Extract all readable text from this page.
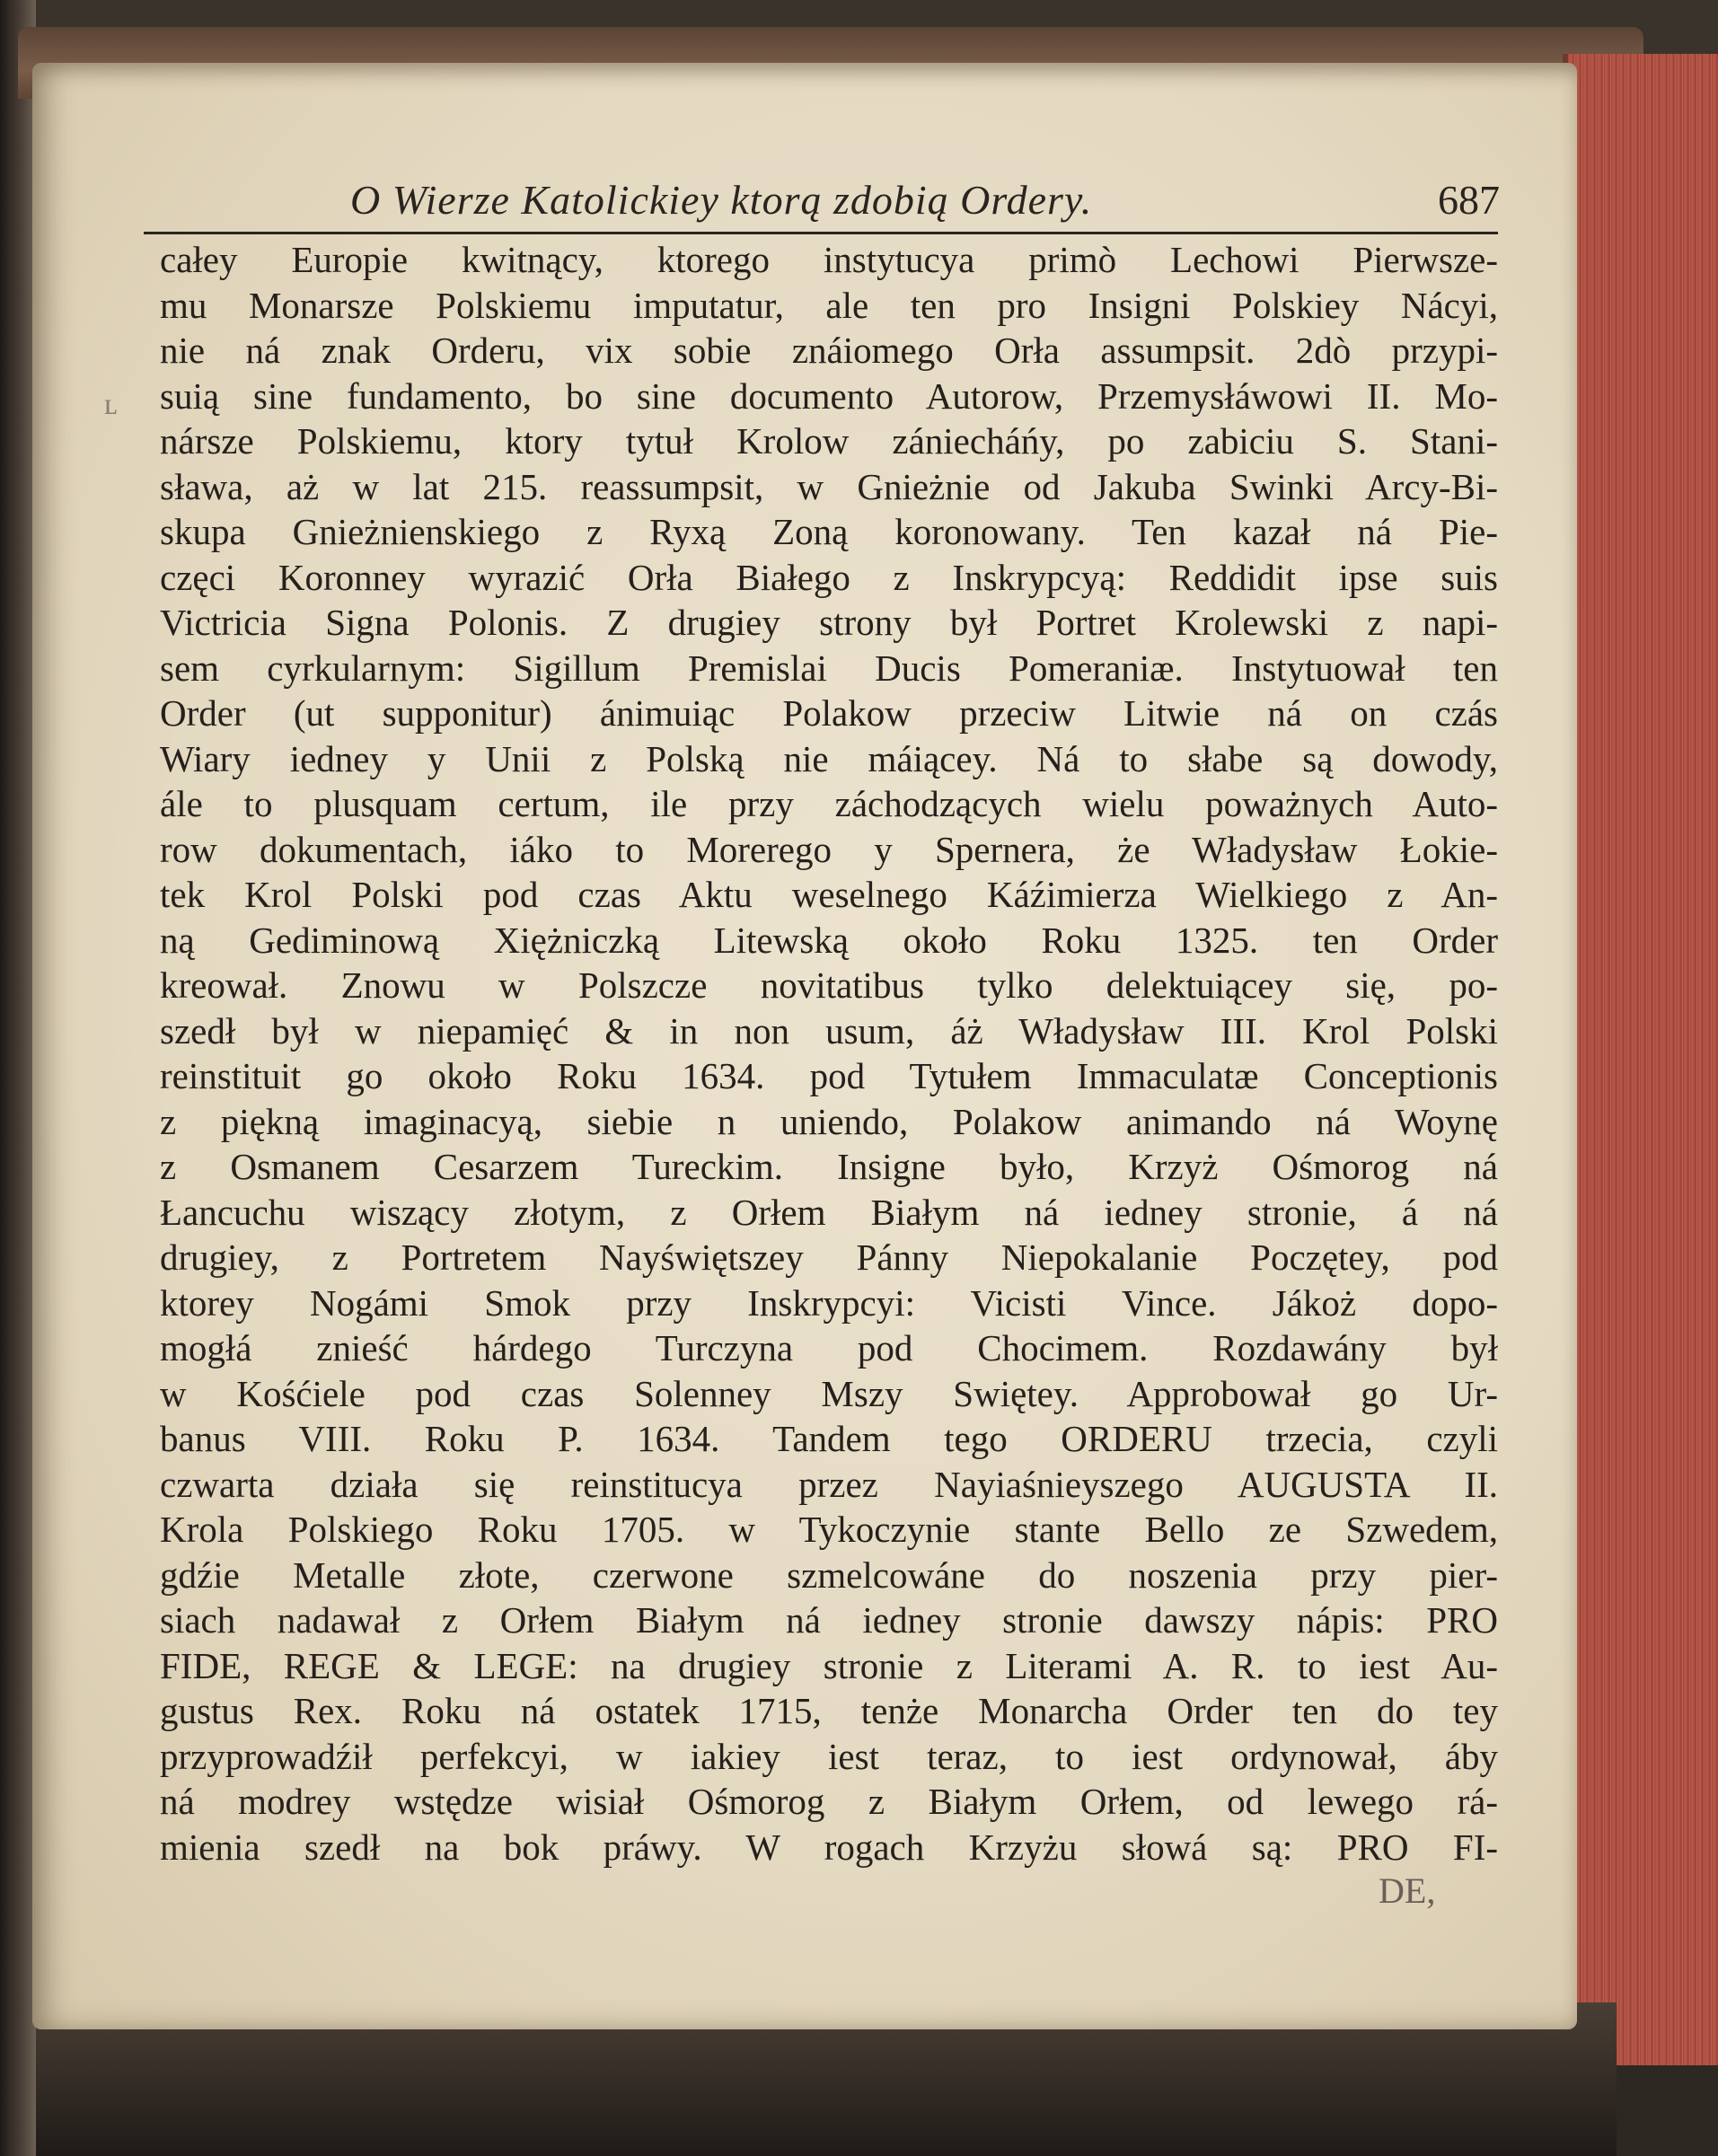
O Wierze Katolickiey ktorą zdobią Ordery.	687
ʟ
całey Europie kwitnący, ktorego instytucya primò Lechowi Pierwsze-
mu Monarsze Polskiemu imputatur, ale ten pro Insigni Polskiey Nácyi,
nie ná znak Orderu, vix sobie znáiomego Orła assumpsit. 2dò przypi-
suią sine fundamento, bo sine documento Autorow, Przemysłáwowi II. Mo-
nársze Polskiemu, ktory tytuł Krolow zániecháńy, po zabiciu S. Stani-
sławа, aż w lat 215. reassumpsit, w Gnieżnie od Jakuba Swinki Arcy-Bi-
skupa Gnieżnienskiego z Ryxą Zoną koronowany. Ten kazał ná Pie-
częci Koronney wyrazić Orła Białego z Inskrypcyą: Reddidit ipse suis
Victricia Signa Polonis. Z drugiey strony był Portret Krolewski z napi-
sem cyrkularnym: Sigillum Premislai Ducis Pomeraniæ. Instytuował ten
Order (ut supponitur) ánimuiąc Polakow przeciw Litwie ná on czás
Wiary iedney y Unii z Polską nie máiącey. Ná to słabe są dowody,
ále to plusquam certum, ile przy záchodzących wielu poważnych Auto-
row dokumentach, iáko to Morerego y Spernera, że Władysław Łokie-
tek Krol Polski pod czas Aktu weselnego Káźimierza Wielkiego z An-
ną Gediminową Xiężniczką Litewską około Roku 1325. ten Order
kreował. Znowu w Polszcze novitatibus tylko delektuiącey się, po-
szedł był w niepamięć & in non usum, áż Władysław III. Krol Polski
reinstituit go około Roku 1634. pod Tytułem Immaculatæ Conceptionis
z piękną imaginacyą, siebie n uniendo, Polakow animando ná Woynę
z Osmanem Cesarzem Tureckim. Insigne było, Krzyż Ośmorog ná
Łancuchu wiszący złotym, z Orłem Białym ná iedney stronie, á ná
drugiey, z Portretem Nayświętszey Pánny Niepokalanie Poczętey, pod
ktorey Nogámi Smok przy Inskrypcyi: Vicisti Vince. Jákoż dopo-
mogłá znieść hárdego Turczyna pod Chocimem. Rozdawány był
w Kośćiele pod czas Solenney Mszy Swiętey. Approbował go Ur-
banus VIII. Roku P. 1634. Tandem tego ORDERU trzecia, czyli
czwarta działa się reinstitucya przez Nayiaśnieyszego AUGUSTA II.
Krola Polskiego Roku 1705. w Tykoczynie stante Bello ze Szwedem,
gdźie Metalle złote, czerwone szmelcowáne do noszenia przy pier-
siach nadawał z Orłem Białym ná iedney stronie dawszy nápis: PRO
FIDE, REGE & LEGE: na drugiey stronie z Literami A. R. to iest Au-
gustus Rex. Roku ná ostatek 1715, tenże Monarcha Order ten do tey
przyprowadźił perfekcyi, w iakiey iest teraz, to iest ordynował, áby
ná modrey wstędze wisiał Ośmorog z Białym Orłem, od lewego rá-
mienia szedł na bok práwy. W rogach Krzyżu słowá są: PRO FI-
DE,
